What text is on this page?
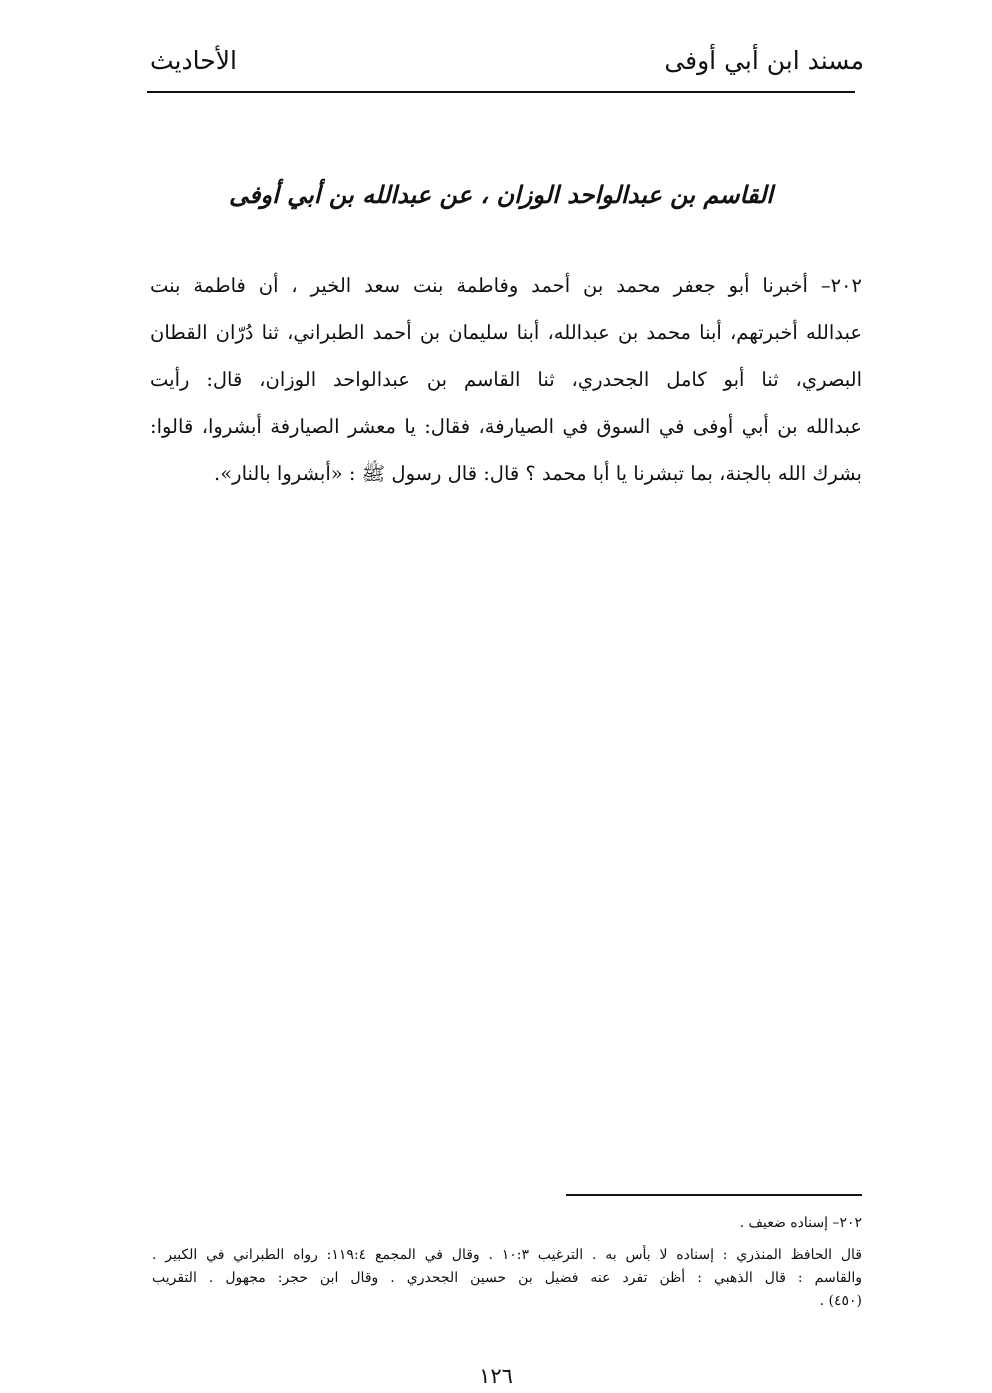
مسند ابن أبي أوفى
الأحاديث
القاسم بن عبدالواحد الوزان ، عن عبدالله بن أبي أوفى
٢٠٢– أخبرنا أبو جعفر محمد بن أحمد وفاطمة بنت سعد الخير ، أن فاطمة بنت
عبدالله أخبرتهم، أبنا محمد بن عبدالله، أبنا سليمان بن أحمد الطبراني، ثنا دُرّان القطان
البصري، ثنا أبو كامل الجحدري، ثنا القاسم بن عبدالواحد الوزان، قال: رأيت
عبدالله بن أبي أوفى في السوق في الصيارفة، فقال: يا معشر الصيارفة أبشروا، قالوا:
بشرك الله بالجنة، بما تبشرنا يا أبا محمد ؟ قال: قال رسول ﷺ : «أبشروا بالنار».
٢٠٢– إسناده ضعيف .
قال الحافظ المنذري : إسناده لا بأس به . الترغيب ١٠:٣ . وقال في المجمع ١١٩:٤: رواه الطبراني في الكبير .
والقاسم : قال الذهبي : أظن تفرد عنه فضيل بن حسين الجحدري . وقال ابن حجر: مجهول . التقريب
(٤٥٠) .
١٢٦
